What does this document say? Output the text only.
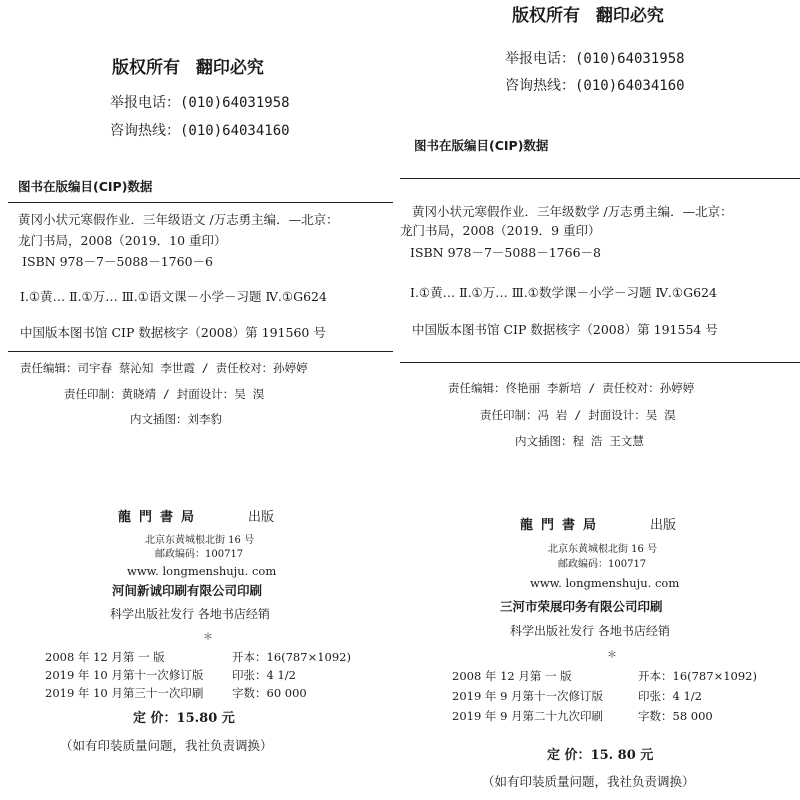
版权所有 翻印必究
举报电话：(010)64031958
咨询热线：(010)64034160
图书在版编目(CIP)数据
黄冈小状元寒假作业．三年级语文 /万志勇主编．—北京：
龙门书局，2008（2019．10 重印）
ISBN 978－7－5088－1760－6
Ⅰ.①黄… Ⅱ.①万… Ⅲ.①语文课－小学－习题 Ⅳ.①G624
中国版本图书馆 CIP 数据核字（2008）第 191560 号
责任编辑：司宇春 蔡沁知 李世霞 / 责任校对：孙婷婷
责任印制：黄晓靖 / 封面设计：吴 淏
内文插图：刘李豹
龍門書局	出版
北京东黄城根北街 16 号
邮政编码：100717
www. longmenshuju. com
河间新诚印刷有限公司印刷
科学出版社发行 各地书店经销
＊
2008 年 12 月第 一 版	开本：16(787×1092)
2019 年 10 月第十一次修订版 印张：4 1/2
2019 年 10 月第三十一次印刷 字数：60 000
定 价：15.80 元
（如有印装质量问题，我社负责调换）
版权所有 翻印必究
举报电话：(010)64031958
咨询热线：(010)64034160
图书在版编目(CIP)数据
黄冈小状元寒假作业．三年级数学 /万志勇主编．—北京：
龙门书局，2008（2019．9 重印）
ISBN 978－7－5088－1766－8
Ⅰ.①黄… Ⅱ.①万… Ⅲ.①数学课－小学－习题 Ⅳ.①G624
中国版本图书馆 CIP 数据核字（2008）第 191554 号
责任编辑：佟艳丽 李新培 / 责任校对：孙婷婷
责任印制：冯 岩 / 封面设计：吴 淏
内文插图：程 浩 王文慧
龍門書局	出版
北京东黄城根北街 16 号
邮政编码：100717
www. longmenshuju. com
三河市荣展印务有限公司印刷
科学出版社发行 各地书店经销
＊
2008 年 12 月第 一 版	开本：16(787×1092)
2019 年 9 月第十一次修订版	印张：4 1/2
2019 年 9 月第二十九次印刷	字数：58 000
定 价：15. 80 元
（如有印装质量问题，我社负责调换）
